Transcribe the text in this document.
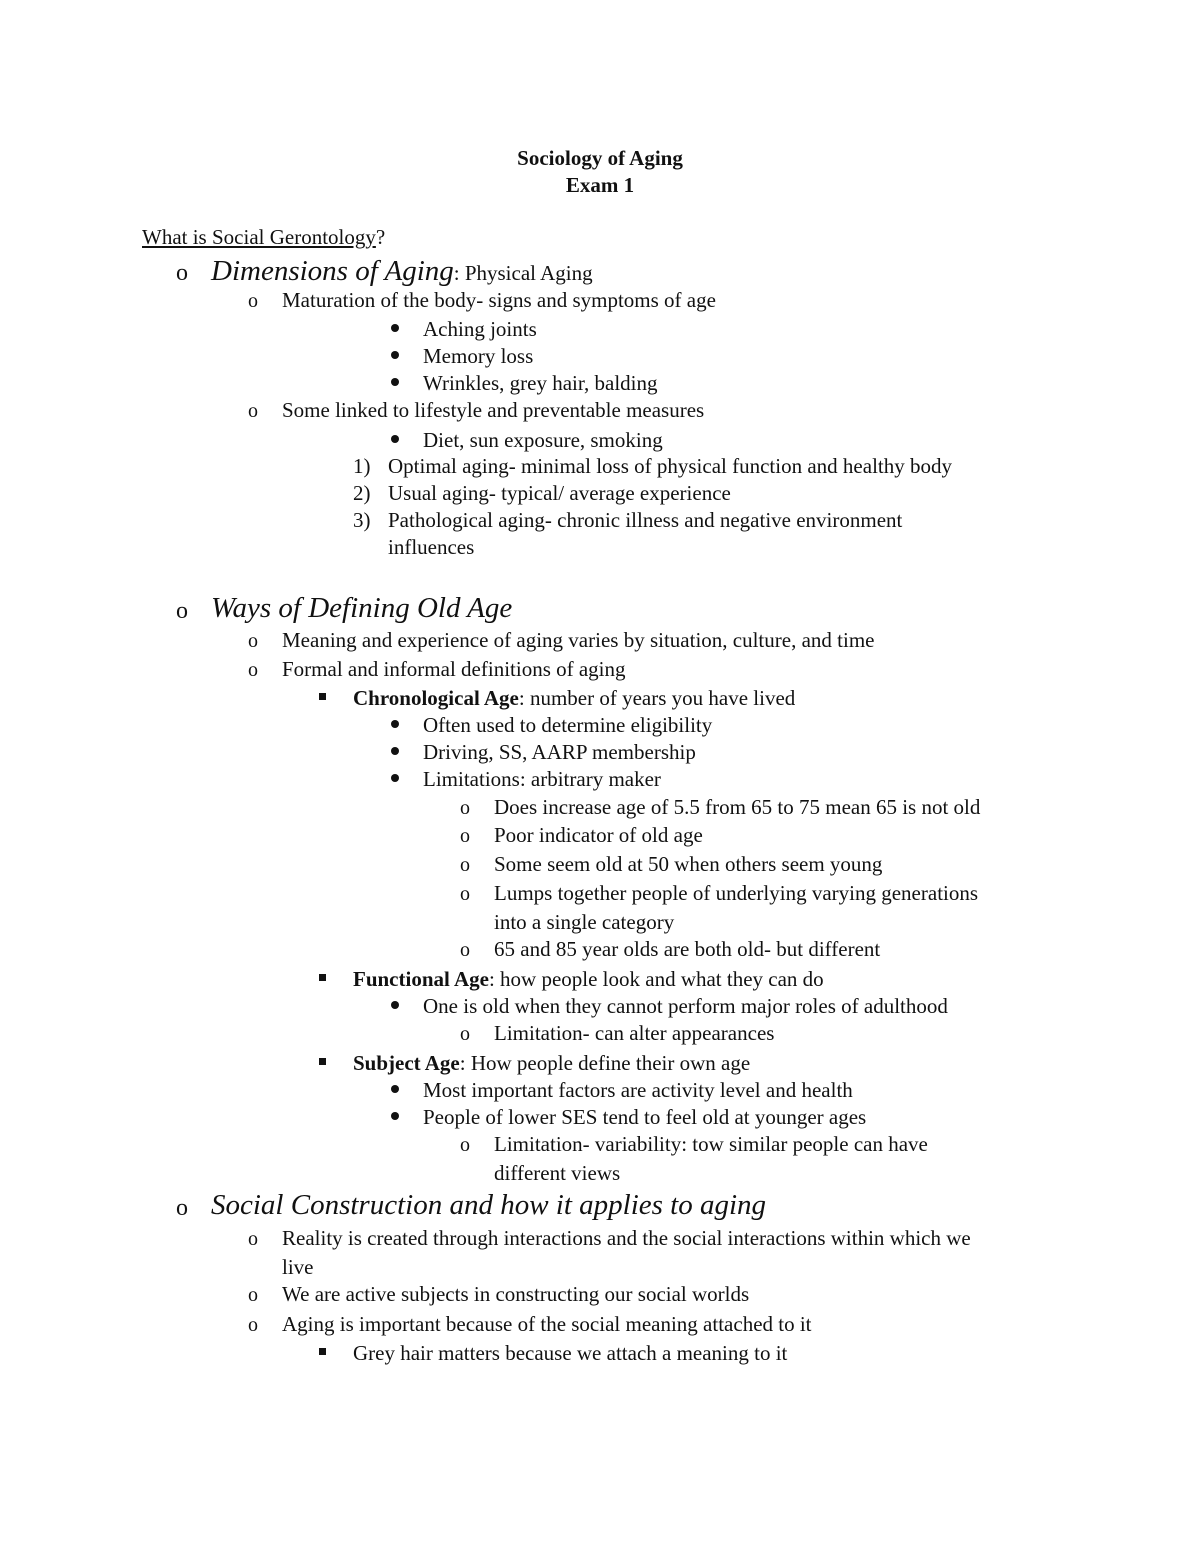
Sociology of Aging
Exam 1
What is Social Gerontology?
o Dimensions of Aging: Physical Aging
o Maturation of the body- signs and symptoms of age
Aching joints
Memory loss
Wrinkles, grey hair, balding
o Some linked to lifestyle and preventable measures
Diet, sun exposure, smoking
1) Optimal aging- minimal loss of physical function and healthy body
2) Usual aging- typical/ average experience
3) Pathological aging- chronic illness and negative environment
influences
o Ways of Defining Old Age
o Meaning and experience of aging varies by situation, culture, and time
o Formal and informal definitions of aging
Chronological Age: number of years you have lived
Often used to determine eligibility
Driving, SS, AARP membership
Limitations: arbitrary maker
o Does increase age of 5.5 from 65 to 75 mean 65 is not old
o Poor indicator of old age
o Some seem old at 50 when others seem young
o Lumps together people of underlying varying generations
into a single category
o 65 and 85 year olds are both old- but different
Functional Age: how people look and what they can do
One is old when they cannot perform major roles of adulthood
o Limitation- can alter appearances
Subject Age: How people define their own age
Most important factors are activity level and health
People of lower SES tend to feel old at younger ages
o Limitation- variability: tow similar people can have
different views
o Social Construction and how it applies to aging
o Reality is created through interactions and the social interactions within which we
live
o We are active subjects in constructing our social worlds
o Aging is important because of the social meaning attached to it
Grey hair matters because we attach a meaning to it
